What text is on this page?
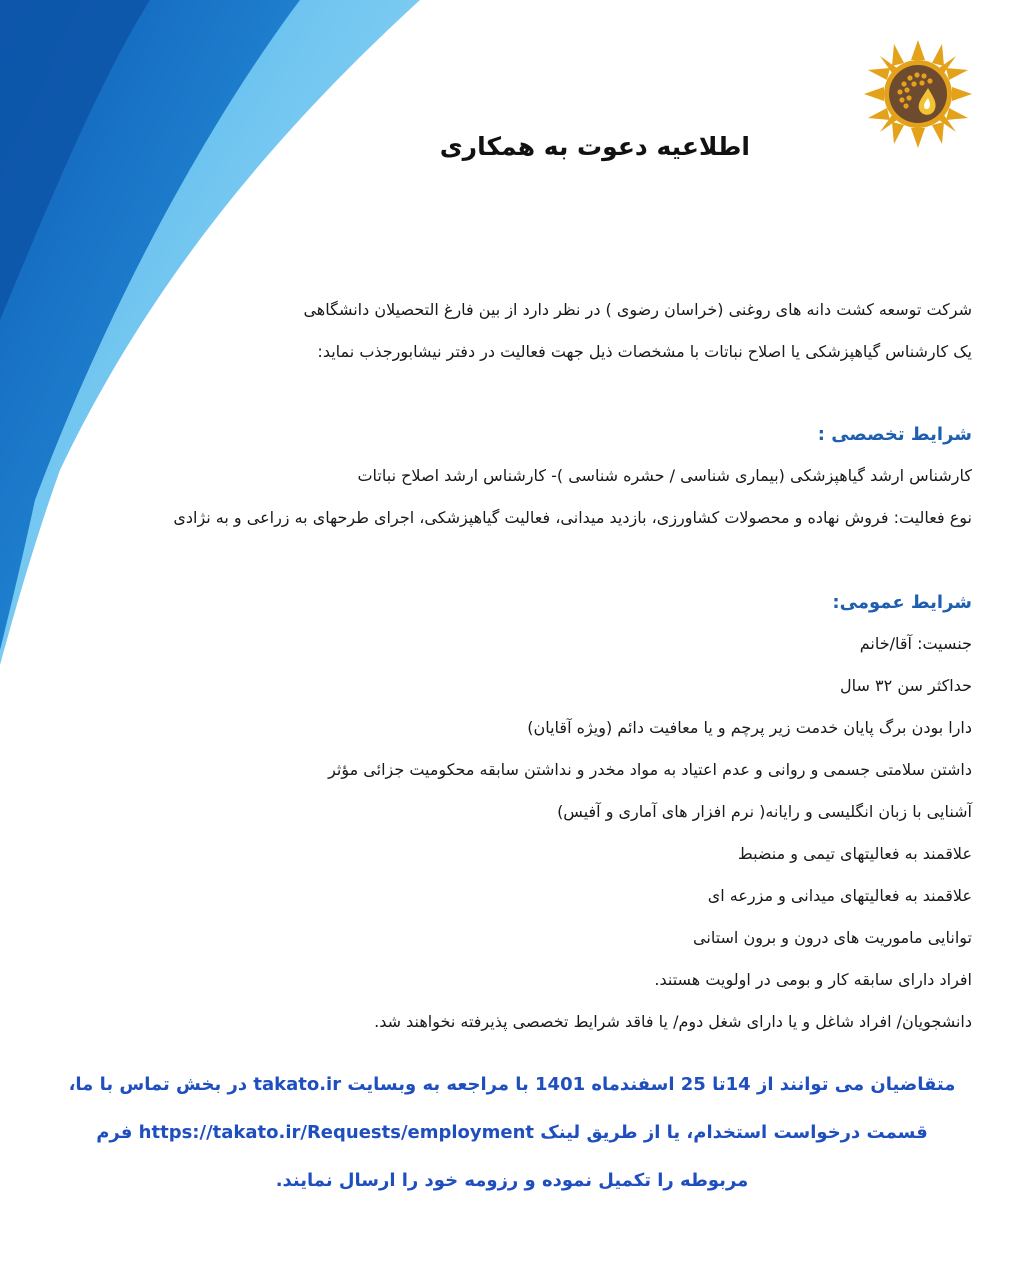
اطلاعیه دعوت به همکاری
شرکت توسعه کشت دانه های روغنی (خراسان رضوی ) در نظر دارد از بین فارغ التحصیلان دانشگاهی
یک کارشناس گیاهپزشکی یا اصلاح نباتات با مشخصات ذیل جهت فعالیت در دفتر نیشابورجذب نماید:
شرایط تخصصی :
کارشناس ارشد گیاهپزشکی (بیماری شناسی / حشره شناسی )- کارشناس ارشد اصلاح نباتات
نوع فعالیت: فروش نهاده و محصولات کشاورزی، بازدید میدانی، فعالیت گیاهپزشکی، اجرای طرحهای به زراعی و به نژادی
شرایط عمومی:
جنسیت: آقا/خانم
حداکثر سن ۳۲ سال
دارا بودن برگ پایان خدمت زیر پرچم و یا معافیت دائم (ویژه آقایان)
داشتن سلامتی جسمی و روانی و عدم اعتیاد به مواد مخدر و نداشتن سابقه محکومیت جزائی مؤثر
آشنایی با زبان انگلیسی و رایانه( نرم افزار های آماری و آفیس)
علاقمند به فعالیتهای تیمی و منضبط
علاقمند به فعالیتهای میدانی و مزرعه ای
توانایی ماموریت های درون و برون استانی
افراد دارای سابقه کار و بومی در اولویت هستند.
دانشجویان/ افراد شاغل و یا دارای شغل دوم/ یا فاقد شرایط تخصصی پذیرفته نخواهند شد.
متقاضیان می توانند از 14تا 25 اسفندماه 1401 با مراجعه به وبسایت takato.ir در بخش تماس با ما،
قسمت درخواست استخدام، یا از طریق لینک https://takato.ir/Requests/employment فرم
مربوطه را تکمیل نموده و رزومه خود را ارسال نمایند.
